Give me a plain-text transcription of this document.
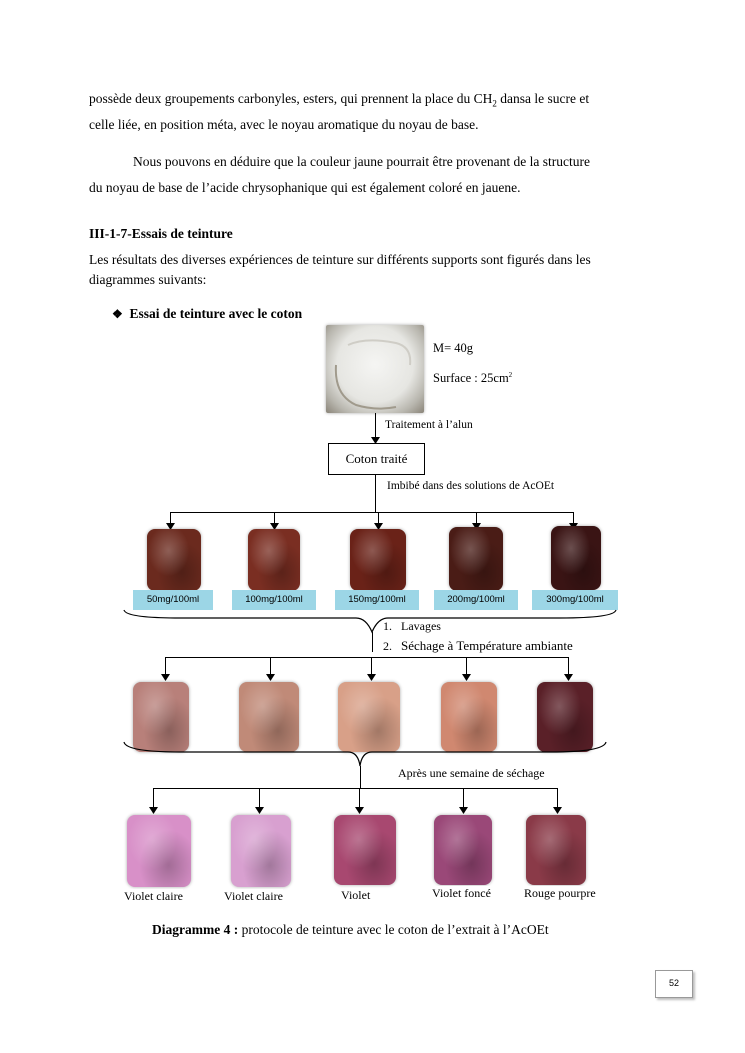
possède deux groupements carbonyles, esters, qui prennent la place du $CH_2$ dansa le sucre et
celle liée, en position méta, avec le noyau aromatique du noyau de base.
Nous pouvons en déduire que la couleur jaune pourrait être provenant de la structure
du noyau de base de l’acide chrysophanique qui est également coloré en jauene.
III-1-7-Essais de teinture
Les résultats des diverses expériences de teinture sur différents supports sont figurés dans les
diagrammes suivants:
❖ Essai de teinture avec le coton
M= 40g
Surface : $25cm^2$
Traitement à l’alun
Coton traité
Imbibé dans des solutions de AcOEt
50mg/100ml	100mg/100ml	150mg/100ml	200mg/100ml	300mg/100ml
1. Lavages
2. Séchage à Température ambiante
Après une semaine de séchage
Violet claire	Violet claire	Violet	Violet foncé	Rouge pourpre
Diagramme 4 : protocole de teinture avec le coton de l’extrait à l’AcOEt
52
